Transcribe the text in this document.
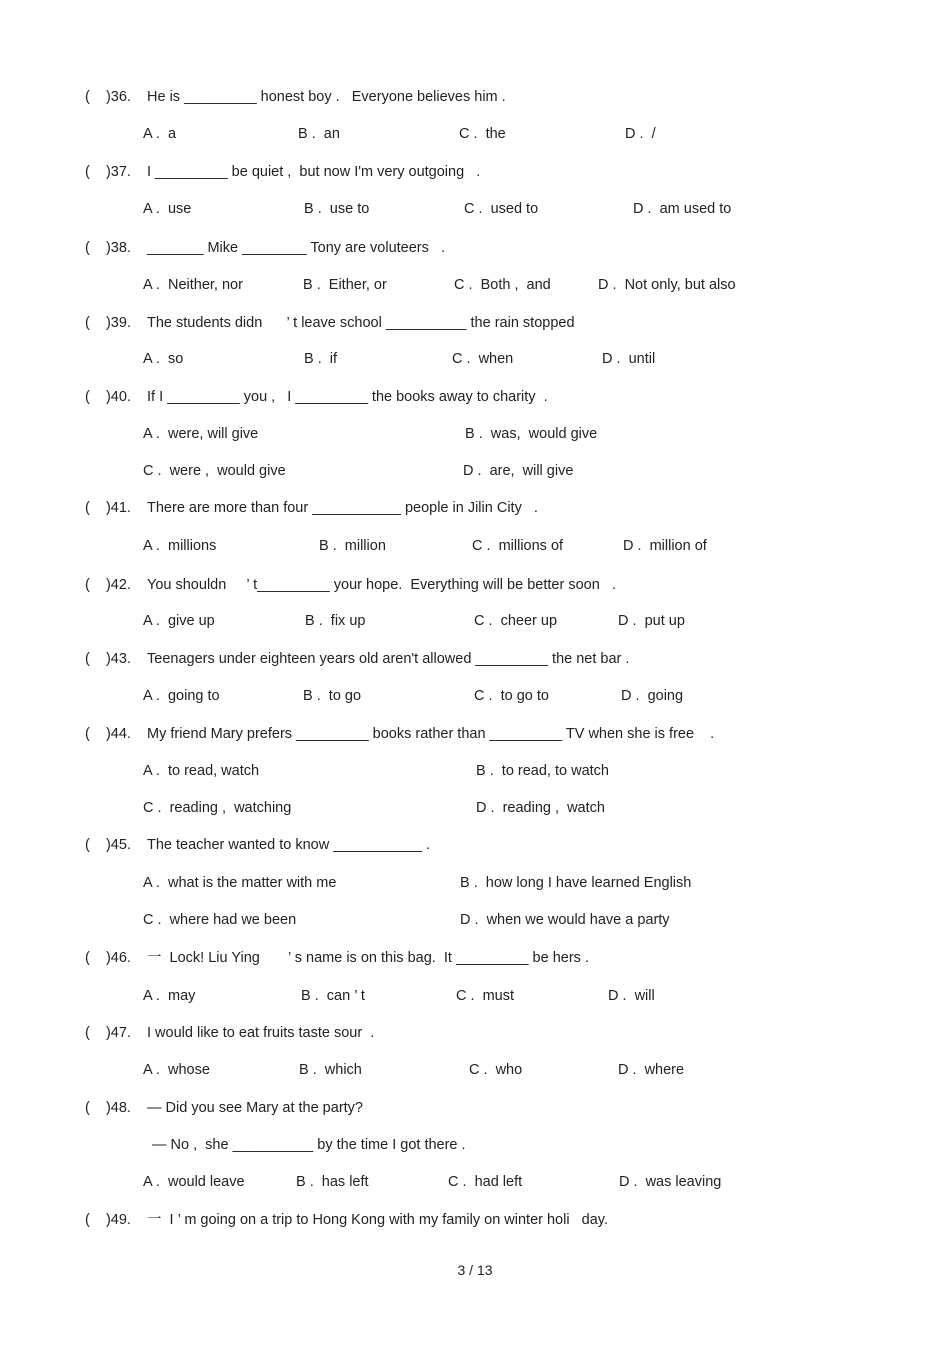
(    )36. He is _________ honest boy .   Everyone believes him .
A .  a	B .  an	C .  the	D .  /
(    )37. I _________ be quiet ,  but now I'm very outgoing   .
A .  use	B .  use to	C .  used to	D .  am used to
(    )38. _______ Mike ________ Tony are voluteers   .
A .  Neither, nor	B .  Either, or	C .  Both ,  and	D .  Not only, but also
(    )39. The students didn      ’ t leave school __________ the rain stopped
A .  so	B .  if	C .  when	D .  until
(    )40. If I _________ you ,   I _________ the books away to charity  .
A .  were, will give	B .  was,  would give
C .  were ,  would give	D .  are,  will give
(    )41. There are more than four ___________ people in Jilin City   .
A .  millions	B .  million	C .  millions of	D .  million of
(    )42. You shouldn     ’ t_________ your hope.  Everything will be better soon   .
A .  give up	B .  fix up	C .  cheer up	D .  put up
(    )43. Teenagers under eighteen years old aren't allowed _________ the net bar .
A .  going to	B .  to go	C .  to go to	D .  going
(    )44. My friend Mary prefers _________ books rather than _________ TV when she is free    .
A .  to read, watch	B .  to read, to watch
C .  reading ,  watching	D .  reading ,  watch
(    )45. The teacher wanted to know ___________ .
A .  what is the matter with me	B .  how long I have learned English
C .  where had we been	D .  when we would have a party
(    )46. 一  Lock! Liu Ying       ’ s name is on this bag.  It _________ be hers .
A .  may	B .  can ’ t	C .  must	D .  will
(    )47. I would like to eat fruits taste sour  .
A .  whose	B .  which	C .  who	D .  where
(    )48. — Did you see Mary at the party?
— No ,  she __________ by the time I got there .
A .  would leave	B .  has left	C .  had left	D .  was leaving
(    )49. 一  I ’ m going on a trip to Hong Kong with my family on winter holi   day.
3 / 13
